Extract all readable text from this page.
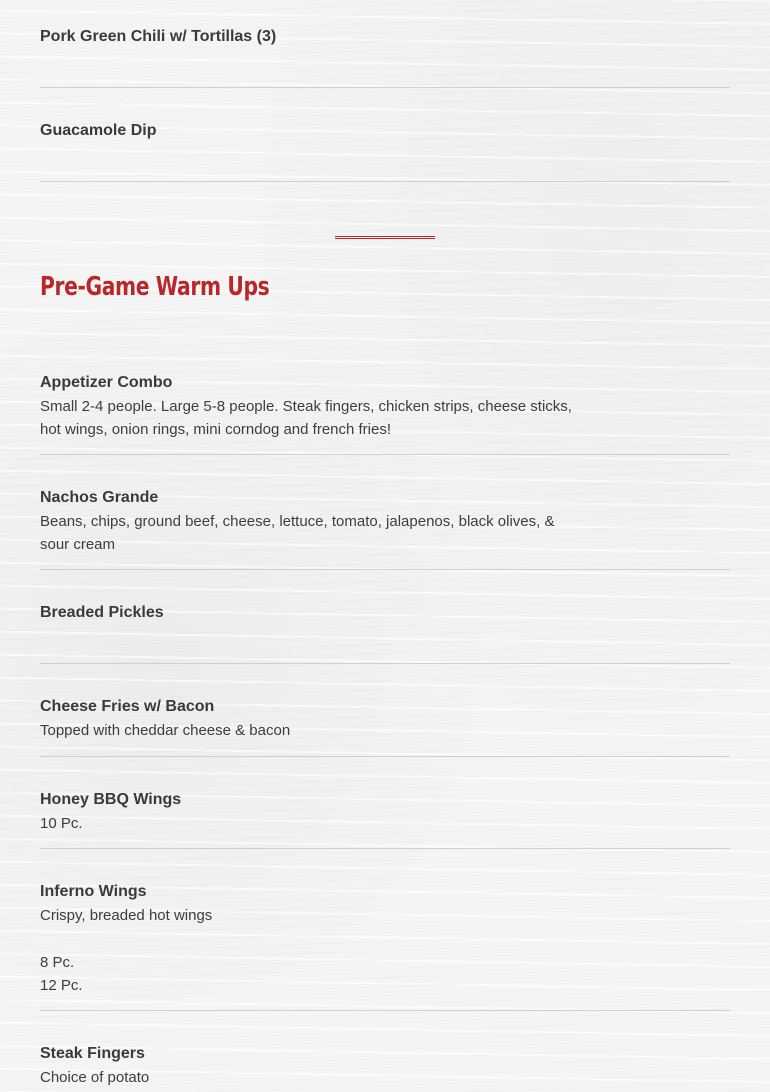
Pork Green Chili w/ Tortillas (3)

Guacamole Dip

Pre-Game Warm Ups

Appetizer Combo

Small 2-4 people. Large 5-8 people. Steak fingers, chicken strips, cheese sticks, hot wings, onion rings, mini corndog and french fries!

Nachos Grande

Beans, chips, ground beef, cheese, lettuce, tomato, jalapenos, black olives, & sour cream

Breaded Pickles

Cheese Fries w/ Bacon

Topped with cheddar cheese & bacon

Honey BBQ Wings

10 Pc.

Inferno Wings

Crispy, breaded hot wings

8 Pc.

12 Pc.

Steak Fingers

Choice of potato
